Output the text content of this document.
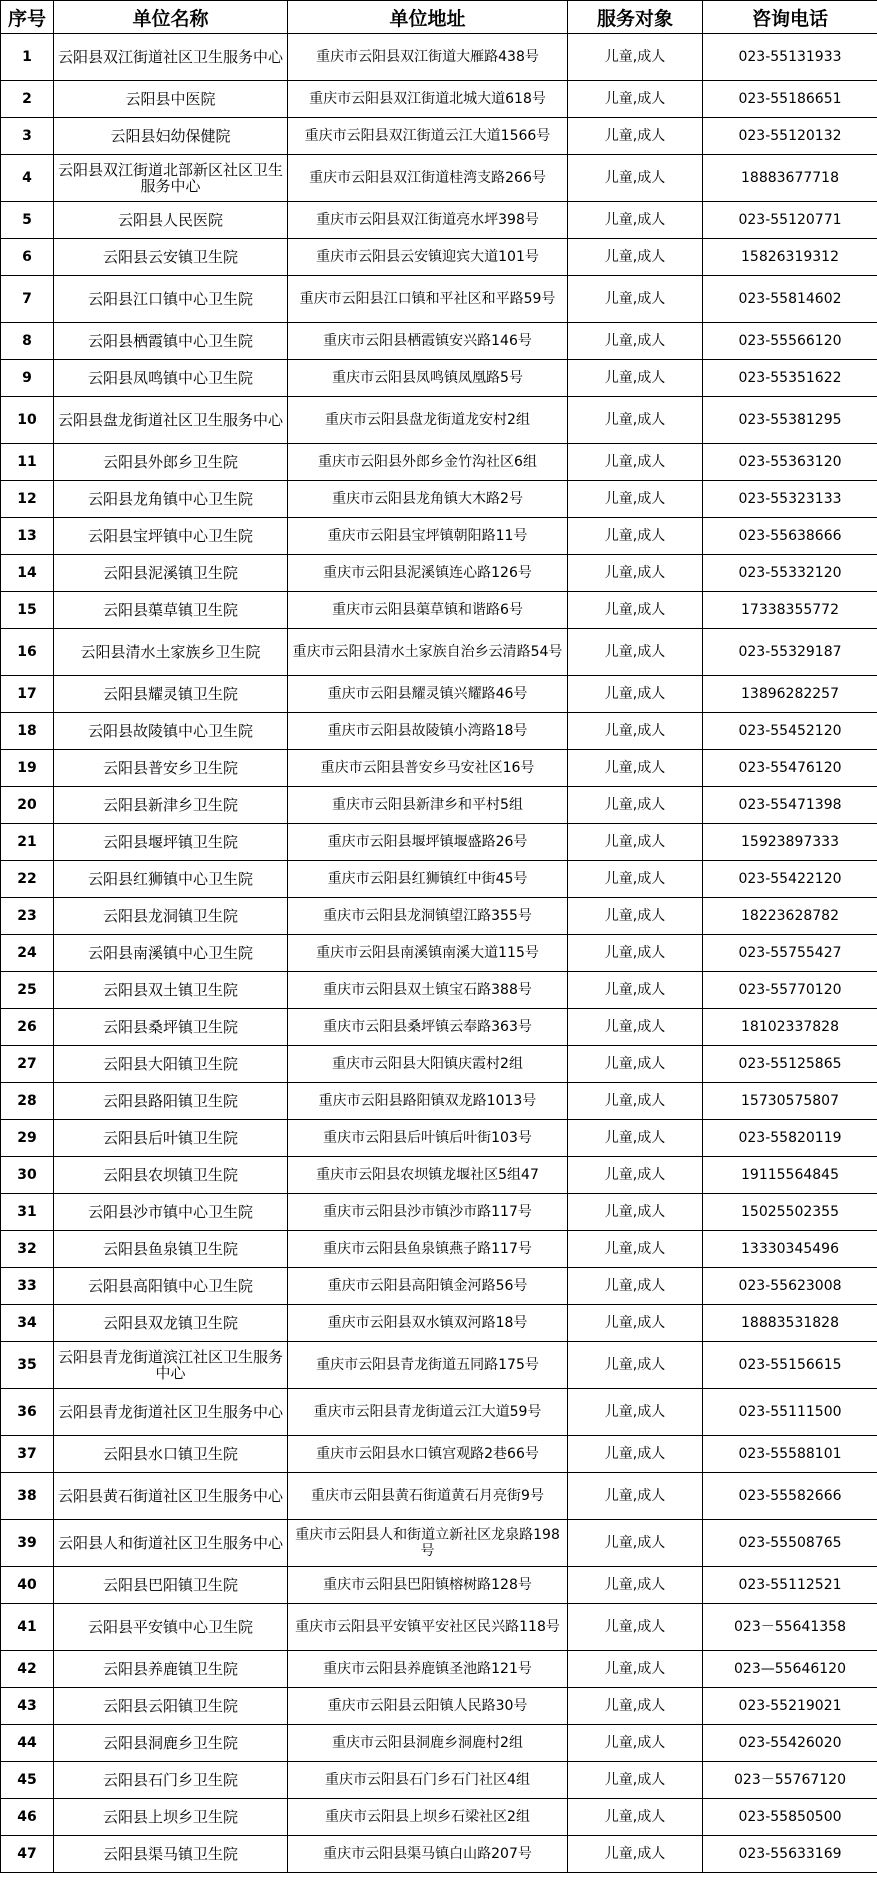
序号	单位名称	单位地址	服务对象	咨询电话
1	云阳县双江街道社区卫生服务中心	重庆市云阳县双江街道大雁路438号	儿童,成人	023-55131933
2	云阳县中医院	重庆市云阳县双江街道北城大道618号	儿童,成人	023-55186651
3	云阳县妇幼保健院	重庆市云阳县双江街道云江大道1566号	儿童,成人	023-55120132
4	云阳县双江街道北部新区社区卫生服务中心	重庆市云阳县双江街道桂湾支路266号	儿童,成人	18883677718
5	云阳县人民医院	重庆市云阳县双江街道亮水坪398号	儿童,成人	023-55120771
6	云阳县云安镇卫生院	重庆市云阳县云安镇迎宾大道101号	儿童,成人	15826319312
7	云阳县江口镇中心卫生院	重庆市云阳县江口镇和平社区和平路59号	儿童,成人	023-55814602
8	云阳县栖霞镇中心卫生院	重庆市云阳县栖霞镇安兴路146号	儿童,成人	023-55566120
9	云阳县凤鸣镇中心卫生院	重庆市云阳县凤鸣镇凤凰路5号	儿童,成人	023-55351622
10	云阳县盘龙街道社区卫生服务中心	重庆市云阳县盘龙街道龙安村2组	儿童,成人	023-55381295
11	云阳县外郎乡卫生院	重庆市云阳县外郎乡金竹沟社区6组	儿童,成人	023-55363120
12	云阳县龙角镇中心卫生院	重庆市云阳县龙角镇大木路2号	儿童,成人	023-55323133
13	云阳县宝坪镇中心卫生院	重庆市云阳县宝坪镇朝阳路11号	儿童,成人	023-55638666
14	云阳县泥溪镇卫生院	重庆市云阳县泥溪镇连心路126号	儿童,成人	023-55332120
15	云阳县蕖草镇卫生院	重庆市云阳县蕖草镇和谐路6号	儿童,成人	17338355772
16	云阳县清水土家族乡卫生院	重庆市云阳县清水土家族自治乡云清路54号	儿童,成人	023-55329187
17	云阳县耀灵镇卫生院	重庆市云阳县耀灵镇兴耀路46号	儿童,成人	13896282257
18	云阳县故陵镇中心卫生院	重庆市云阳县故陵镇小湾路18号	儿童,成人	023-55452120
19	云阳县普安乡卫生院	重庆市云阳县普安乡马安社区16号	儿童,成人	023-55476120
20	云阳县新津乡卫生院	重庆市云阳县新津乡和平村5组	儿童,成人	023-55471398
21	云阳县堰坪镇卫生院	重庆市云阳县堰坪镇堰盛路26号	儿童,成人	15923897333
22	云阳县红狮镇中心卫生院	重庆市云阳县红狮镇红中街45号	儿童,成人	023-55422120
23	云阳县龙洞镇卫生院	重庆市云阳县龙洞镇望江路355号	儿童,成人	18223628782
24	云阳县南溪镇中心卫生院	重庆市云阳县南溪镇南溪大道115号	儿童,成人	023-55755427
25	云阳县双土镇卫生院	重庆市云阳县双土镇宝石路388号	儿童,成人	023-55770120
26	云阳县桑坪镇卫生院	重庆市云阳县桑坪镇云奉路363号	儿童,成人	18102337828
27	云阳县大阳镇卫生院	重庆市云阳县大阳镇庆霞村2组	儿童,成人	023-55125865
28	云阳县路阳镇卫生院	重庆市云阳县路阳镇双龙路1013号	儿童,成人	15730575807
29	云阳县后叶镇卫生院	重庆市云阳县后叶镇后叶街103号	儿童,成人	023-55820119
30	云阳县农坝镇卫生院	重庆市云阳县农坝镇龙堰社区5组47	儿童,成人	19115564845
31	云阳县沙市镇中心卫生院	重庆市云阳县沙市镇沙市路117号	儿童,成人	15025502355
32	云阳县鱼泉镇卫生院	重庆市云阳县鱼泉镇燕子路117号	儿童,成人	13330345496
33	云阳县高阳镇中心卫生院	重庆市云阳县高阳镇金河路56号	儿童,成人	023-55623008
34	云阳县双龙镇卫生院	重庆市云阳县双水镇双河路18号	儿童,成人	18883531828
35	云阳县青龙街道滨江社区卫生服务中心	重庆市云阳县青龙街道五同路175号	儿童,成人	023-55156615
36	云阳县青龙街道社区卫生服务中心	重庆市云阳县青龙街道云江大道59号	儿童,成人	023-55111500
37	云阳县水口镇卫生院	重庆市云阳县水口镇宫观路2巷66号	儿童,成人	023-55588101
38	云阳县黄石街道社区卫生服务中心	重庆市云阳县黄石街道黄石月亮街9号	儿童,成人	023-55582666
39	云阳县人和街道社区卫生服务中心	重庆市云阳县人和街道立新社区龙泉路198号	儿童,成人	023-55508765
40	云阳县巴阳镇卫生院	重庆市云阳县巴阳镇榕树路128号	儿童,成人	023-55112521
41	云阳县平安镇中心卫生院	重庆市云阳县平安镇平安社区民兴路118号	儿童,成人	023－55641358
42	云阳县养鹿镇卫生院	重庆市云阳县养鹿镇圣池路121号	儿童,成人	023—55646120
43	云阳县云阳镇卫生院	重庆市云阳县云阳镇人民路30号	儿童,成人	023-55219021
44	云阳县洞鹿乡卫生院	重庆市云阳县洞鹿乡洞鹿村2组	儿童,成人	023-55426020
45	云阳县石门乡卫生院	重庆市云阳县石门乡石门社区4组	儿童,成人	023－55767120
46	云阳县上坝乡卫生院	重庆市云阳县上坝乡石梁社区2组	儿童,成人	023-55850500
47	云阳县渠马镇卫生院	重庆市云阳县渠马镇白山路207号	儿童,成人	023-55633169
